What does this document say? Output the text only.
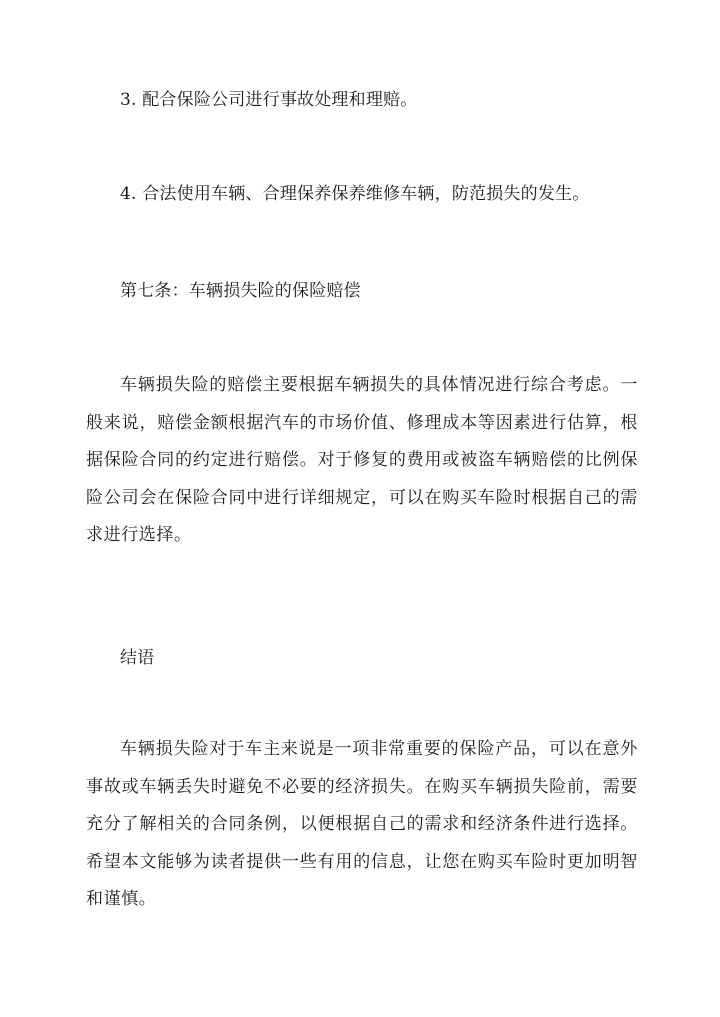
3. 配合保险公司进行事故处理和理赔。
4. 合法使用车辆、合理保养保养维修车辆，防范损失的发生。
第七条：车辆损失险的保险赔偿
车辆损失险的赔偿主要根据车辆损失的具体情况进行综合考虑。一般来说，赔偿金额根据汽车的市场价值、修理成本等因素进行估算，根据保险合同的约定进行赔偿。对于修复的费用或被盗车辆赔偿的比例保险公司会在保险合同中进行详细规定，可以在购买车险时根据自己的需求进行选择。
结语
车辆损失险对于车主来说是一项非常重要的保险产品，可以在意外事故或车辆丢失时避免不必要的经济损失。在购买车辆损失险前，需要充分了解相关的合同条例，以便根据自己的需求和经济条件进行选择。希望本文能够为读者提供一些有用的信息，让您在购买车险时更加明智和谨慎。
